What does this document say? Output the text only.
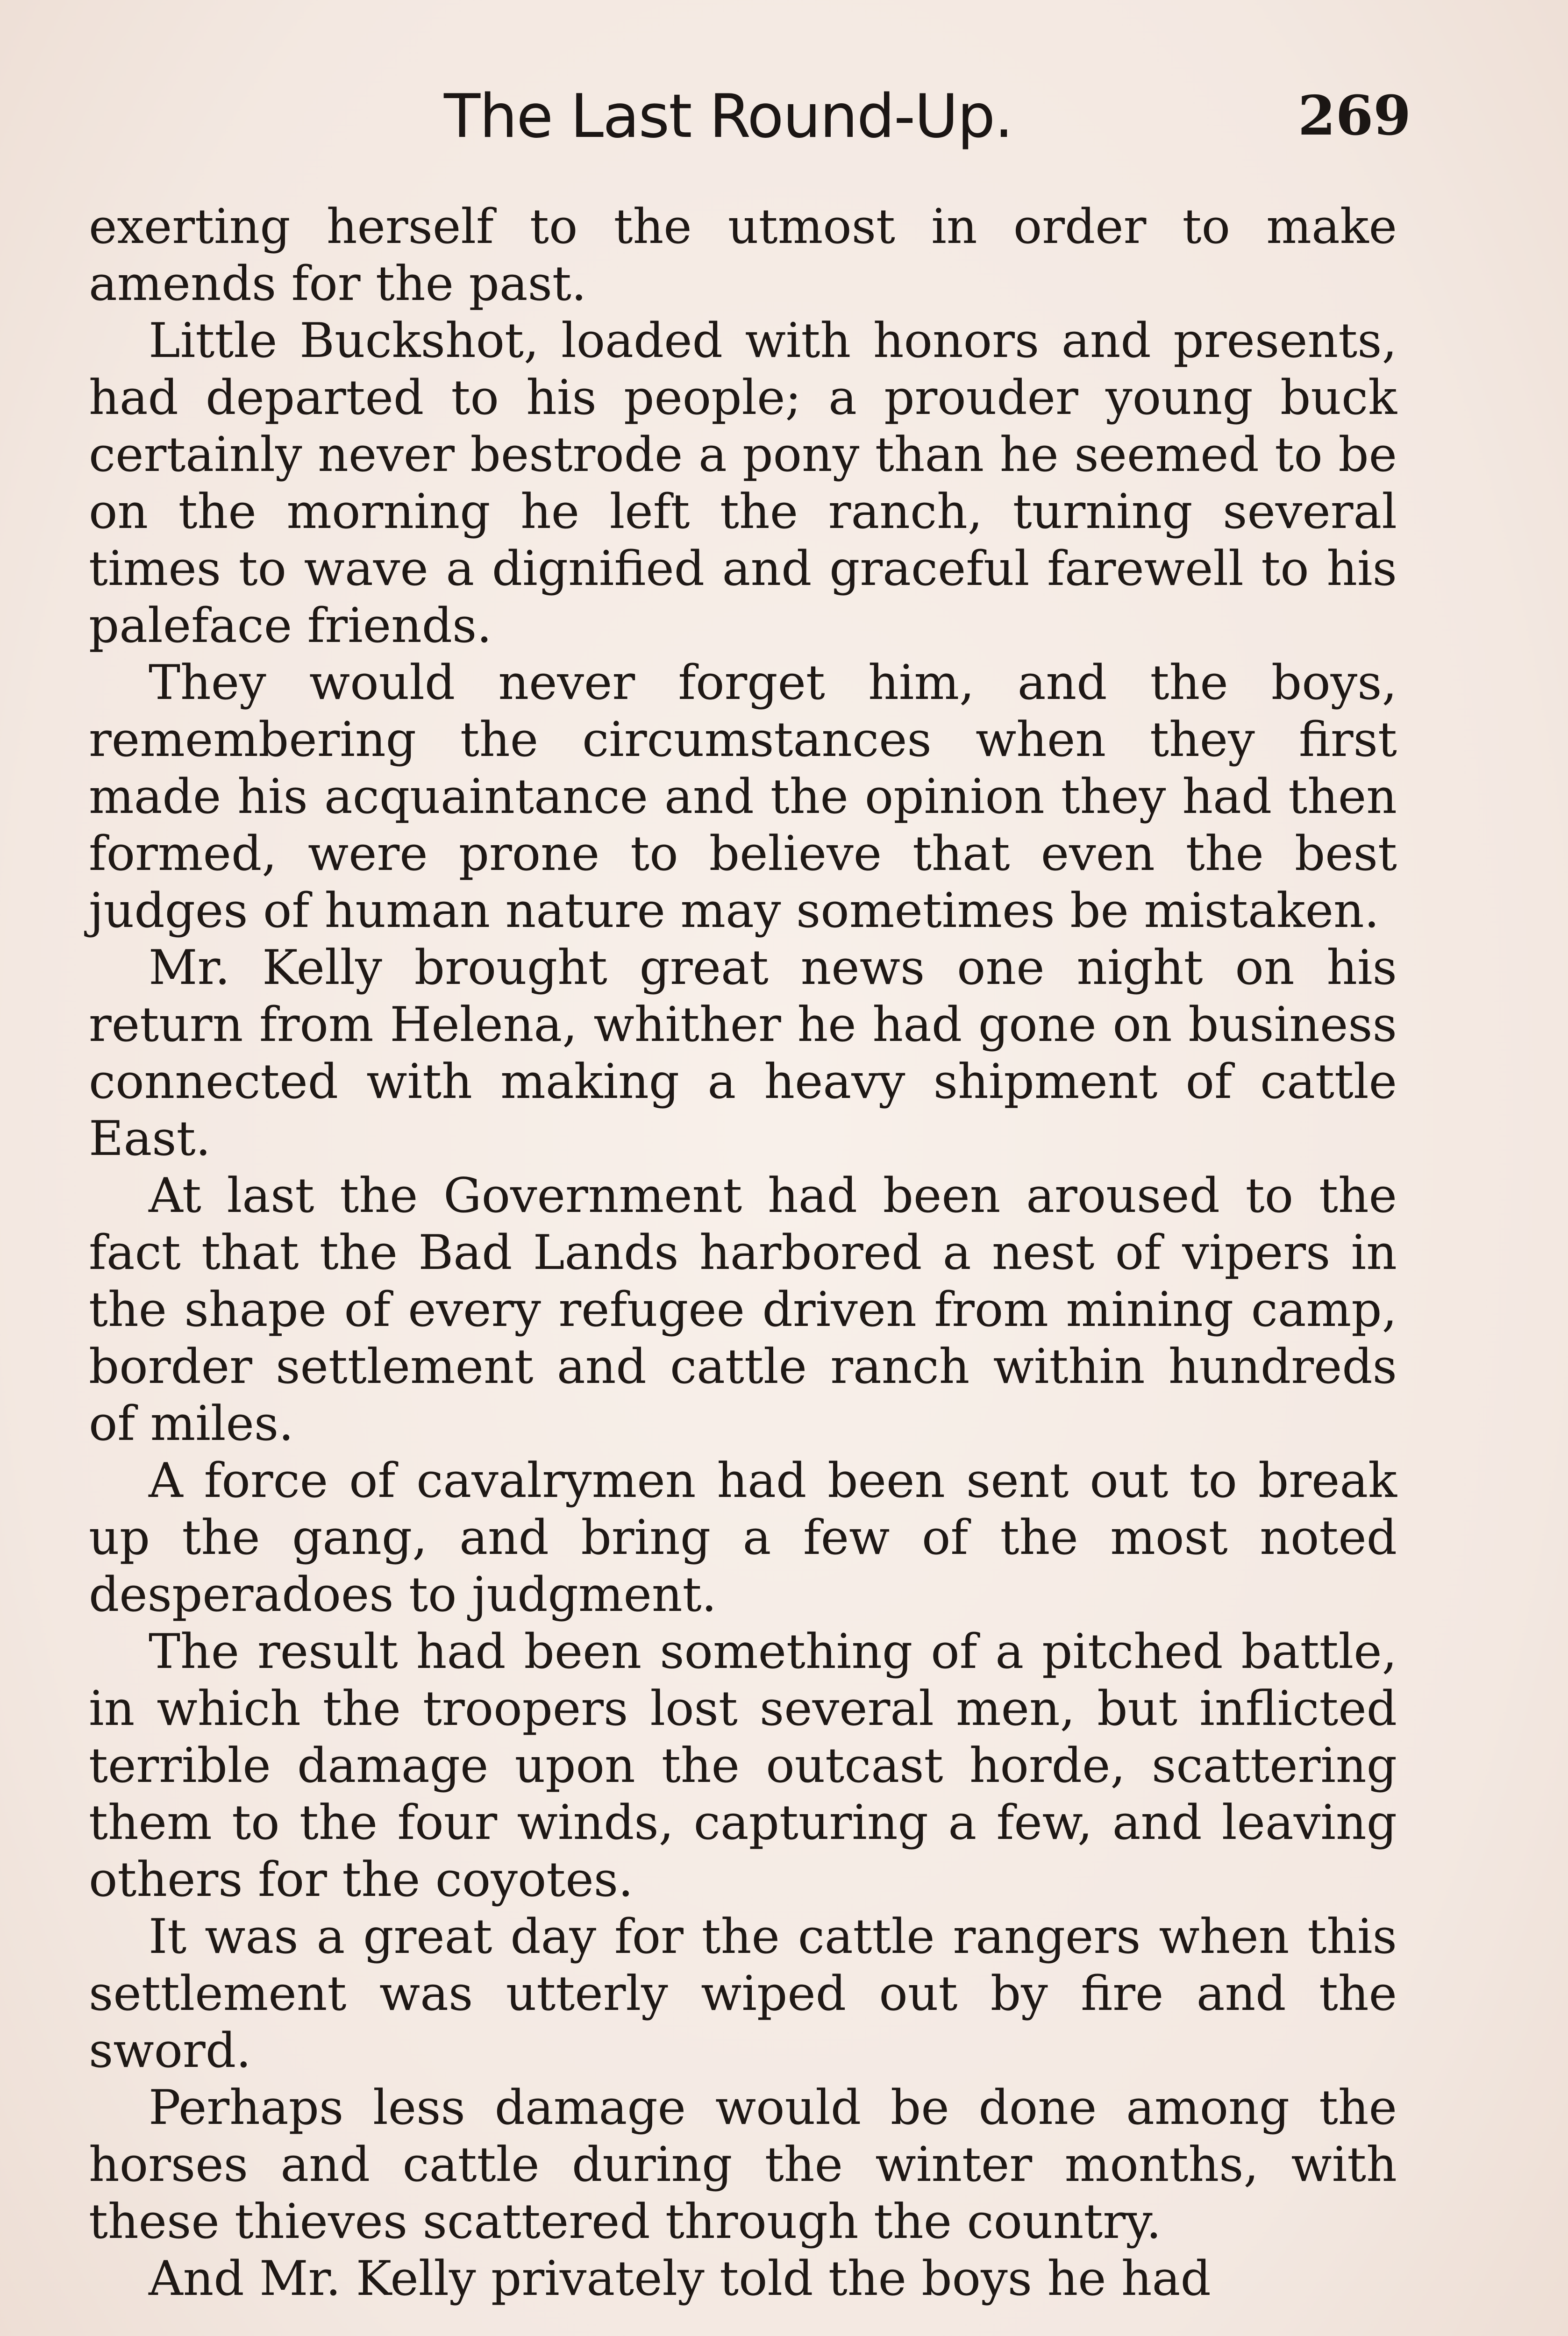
The Last Round-Up.	269

exerting herself to the utmost in order to make amends for the past.

Little Buckshot, loaded with honors and presents, had departed to his people; a prouder young buck certainly never bestrode a pony than he seemed to be on the morning he left the ranch, turning several times to wave a dignified and graceful farewell to his paleface friends.

They would never forget him, and the boys, remembering the circumstances when they first made his acquaintance and the opinion they had then formed, were prone to believe that even the best judges of human nature may sometimes be mistaken.

Mr. Kelly brought great news one night on his return from Helena, whither he had gone on business connected with making a heavy shipment of cattle East.

At last the Government had been aroused to the fact that the Bad Lands harbored a nest of vipers in the shape of every refugee driven from mining camp, border settlement and cattle ranch within hundreds of miles.

A force of cavalrymen had been sent out to break up the gang, and bring a few of the most noted desperadoes to judgment.

The result had been something of a pitched battle, in which the troopers lost several men, but inflicted terrible damage upon the outcast horde, scattering them to the four winds, capturing a few, and leaving others for the coyotes.

It was a great day for the cattle rangers when this settlement was utterly wiped out by fire and the sword.

Perhaps less damage would be done among the horses and cattle during the winter months, with these thieves scattered through the country.

And Mr. Kelly privately told the boys he had
